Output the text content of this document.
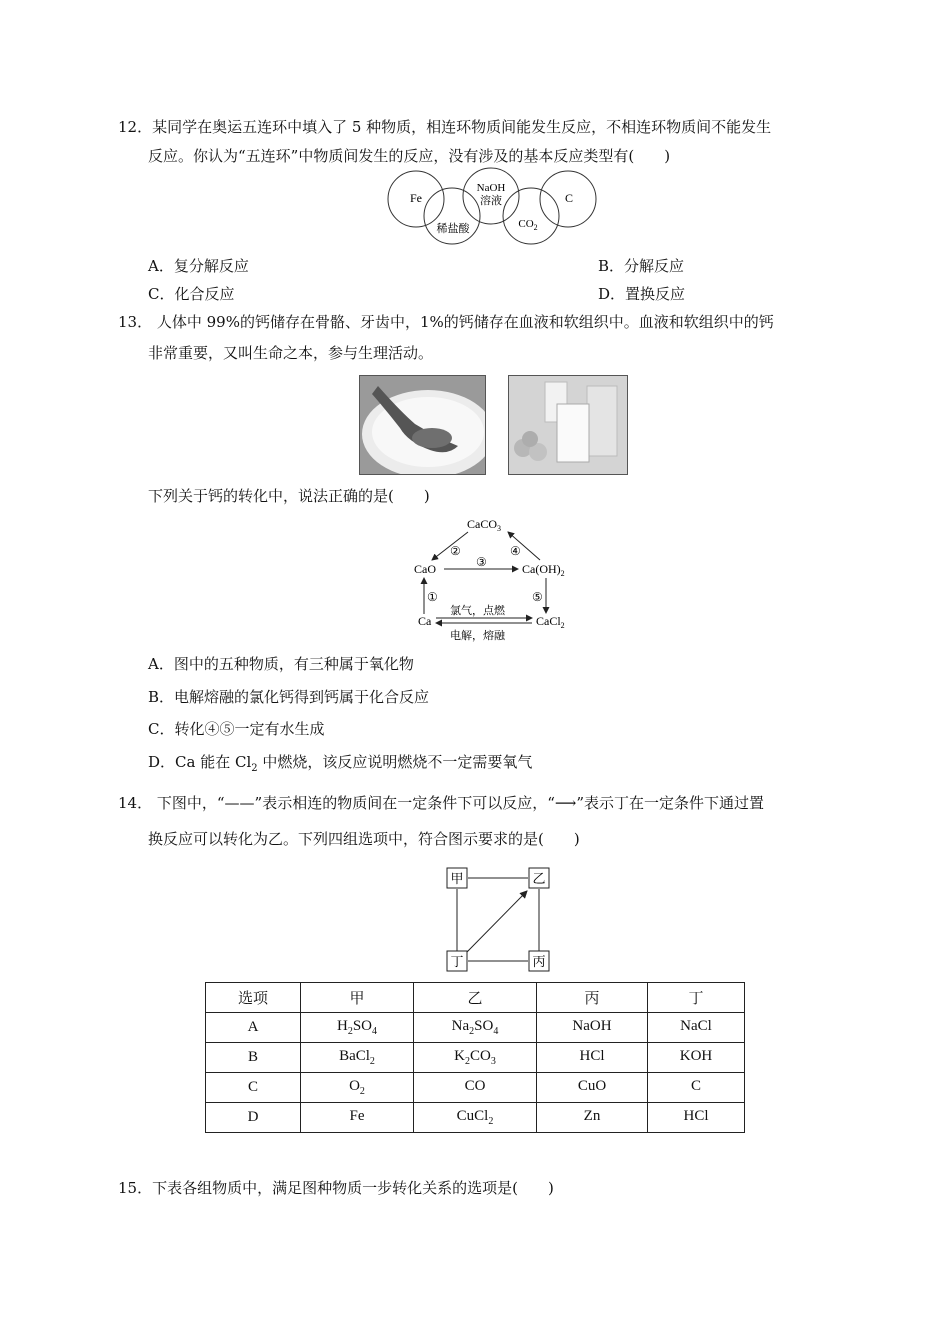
12．某同学在奥运五连环中填入了 5 种物质，相连环物质间能发生反应，不相连环物质间不能发生
反应。你认为“五连环”中物质间发生的反应，没有涉及的基本反应类型有(　　)
Fe
NaOH
溶液	C
稀盐酸	$CO_2$
A．复分解反应	B．分解反应
C．化合反应	D．置换反应
13． 人体中 99%的钙储存在骨骼、牙齿中，1%的钙储存在血液和软组织中。血液和软组织中的钙
非常重要，又叫生命之本，参与生理活动。
下列关于钙的转化中，说法正确的是(　　)
CaCO$_3$
CaO	$Ca(OH)_2$
Ca	CaCl$_2$
②	④
③
①	⑤
氯气，点燃
电解，熔融
A．图中的五种物质，有三种属于氧化物
B．电解熔融的氯化钙得到钙属于化合反应
C．转化④⑤一定有水生成
D．Ca 能在 $Cl_2$ 中燃烧，该反应说明燃烧不一定需要氧气
14． 下图中，“——”表示相连的物质间在一定条件下可以反应，“⟶”表示丁在一定条件下通过置
换反应可以转化为乙。下列四组选项中，符合图示要求的是(　　)
甲	乙
丁	丙
选项	甲	乙	丙	丁
A	$H_2SO_4$	$Na_2SO_4$	NaOH	NaCl
B	BaCl$_2$	$K_2CO_3$	HCl	KOH
C	$O_2$	CO	CuO	C
D	Fe	CuCl$_2$	Zn	HCl
15．下表各组物质中，满足图种物质一步转化关系的选项是(　　)
